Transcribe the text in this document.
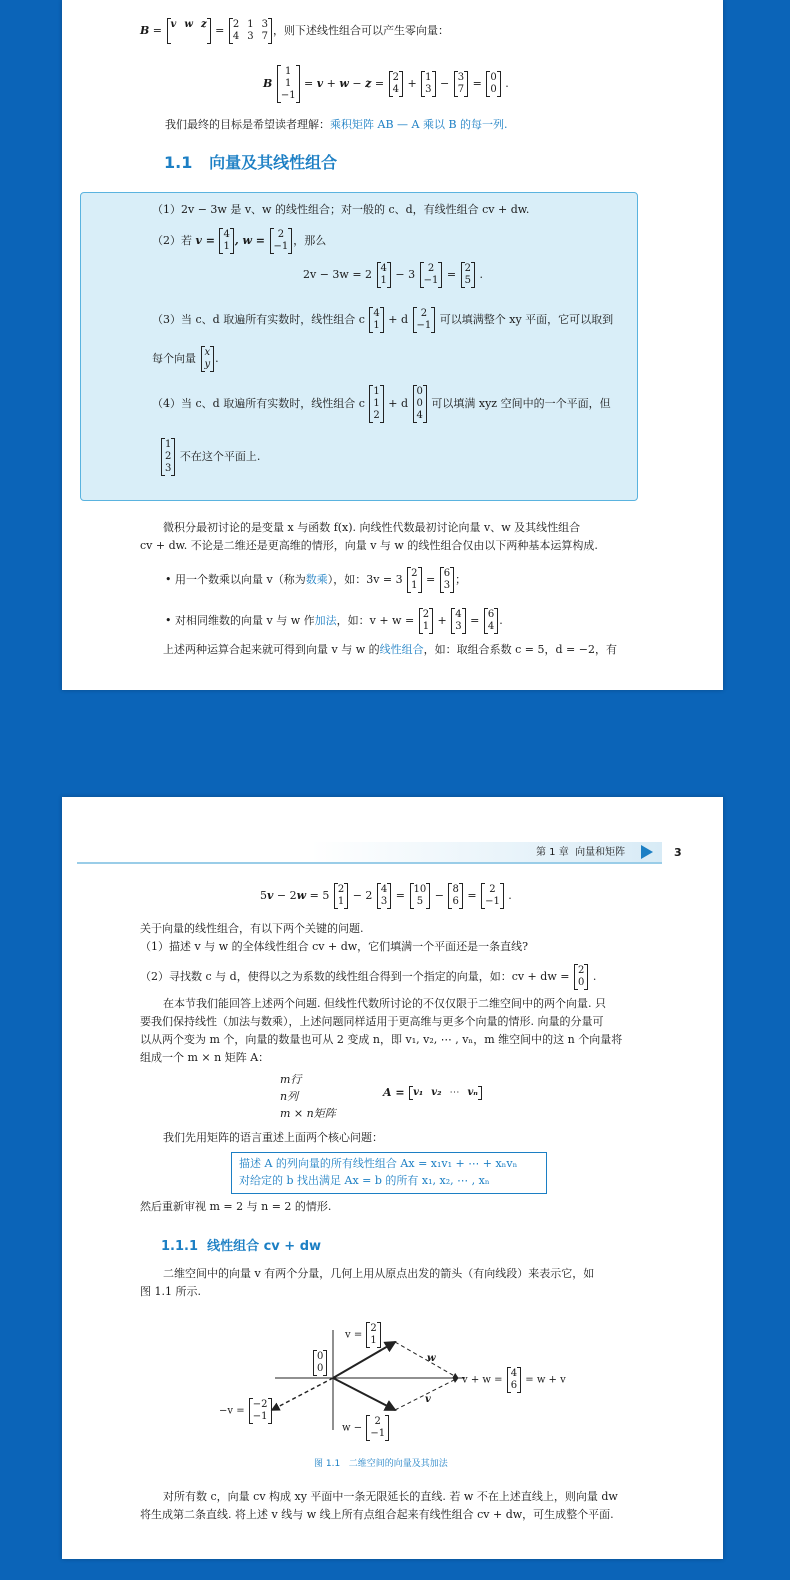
B = v w z
= 2 1 3
4 3 7 ，则下述线性组合可以产生零向量：
B
1
1
−1
= v + w − z = 2
4 + 1
3 − 3
7 = 0
0 .
我们最终的目标是希望读者理解：乘积矩阵 AB — A 乘以 B 的每一列.
1.1 向量及其线性组合
（1）2v − 3w 是 v、w 的线性组合；对一般的 c、d，有线性组合 cv + dw.
（2）若 v = 4
1 , w =	2
−1 ，那么
2v − 3w = 2 4
1 − 3	2
−1 = 2
5 .
（3）当 c、d 取遍所有实数时，线性组合 c 4
1 + d	2
−1 可以填满整个 xy 平面，它可以取到
每个向量 x
y .
（4）当 c、d 取遍所有实数时，线性组合 c
1
1
2
+ d
0
0
4
可以填满 xyz 空间中的一个平面，但
1
2
3
不在这个平面上.
微积分最初讨论的是变量 x 与函数 f(x). 向线性代数最初讨论向量 v、w 及其线性组合
cv + dw. 不论是二维还是更高维的情形，向量 v 与 w 的线性组合仅由以下两种基本运算构成.
• 用一个数乘以向量 v（称为数乘），如：3v = 3 2
1 = 6
3 ；
• 对相同维数的向量 v 与 w 作加法，如：v + w = 2
1 + 4
3 = 6
4 .
上述两种运算合起来就可得到向量 v 与 w 的线性组合，如：取组合系数 c = 5，d = −2，有
第 1 章 向量和矩阵	3
5v − 2w = 5 2
1 − 2 4
3 = 10
5 − 8
6 =	2
−1 .
关于向量的线性组合，有以下两个关键的问题.
（1）描述 v 与 w 的全体线性组合 cv + dw，它们填满一个平面还是一条直线?
（2）寻找数 c 与 d，使得以之为系数的线性组合得到一个指定的向量，如：cv + dw = 2
0 .
在本节我们能回答上述两个问题. 但线性代数所讨论的不仅仅限于二维空间中的两个向量. 只
要我们保持线性（加法与数乘），上述问题同样适用于更高维与更多个向量的情形. 向量的分量可
以从两个变为 m 个，向量的数量也可从 2 变成 n，即 v₁, v₂, ⋯ , vₙ，m 维空间中的这 n 个向量将
组成一个 m × n 矩阵 A：
m行
n列
m × n矩阵
A = v₁ v₂ ⋯ vₙ
我们先用矩阵的语言重述上面两个核心问题：
描述 A 的列向量的所有线性组合 Ax = x₁v₁ + ⋯ + xₙvₙ
对给定的 b 找出满足 Ax = b 的所有 x₁, x₂, ⋯ , xₙ
然后重新审视 m = 2 与 n = 2 的情形.
1.1.1 线性组合 cv + dw
二维空间中的向量 v 有两个分量，几何上用从原点出发的箭头（有向线段）来表示它，如
图 1.1 所示.
v =
2
1
0
0
w
v + w =
4
6 = w + v
v
−v =
−2
−1
w −
2
−1
图 1.1 二维空间的向量及其加法
对所有数 c，向量 cv 构成 xy 平面中一条无限延长的直线. 若 w 不在上述直线上，则向量 dw
将生成第二条直线. 将上述 v 线与 w 线上所有点组合起来有线性组合 cv + dw，可生成整个平面.
